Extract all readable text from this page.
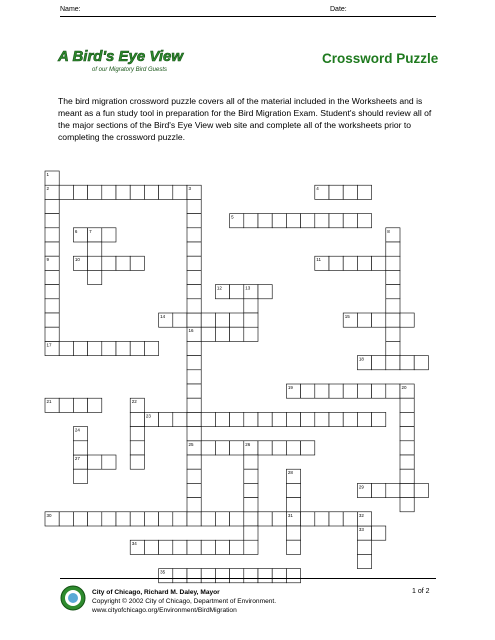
Name:	Date:
A Bird's Eye View
of our Migratory Bird Guests
Crossword Puzzle
The bird migration crossword puzzle covers all of the material included in the Worksheets and is meant as a fun study tool in preparation for the Bird Migration Exam. Student's should review all of the major sections of the Bird's Eye View web site and complete all of the worksheets prior to completing the crossword puzzle.
2	4
5
6
10	11
12
14	15
16
17
18
19
21
23
25
27
29
30
33
34
35
1
3
7	8
9
13
20
22
24
26
28
31	32
City of Chicago, Richard M. Daley, Mayor
Copyright © 2002 City of Chicago, Department of Environment.
www.cityofchicago.org/Environment/BirdMigration
1 of 2
